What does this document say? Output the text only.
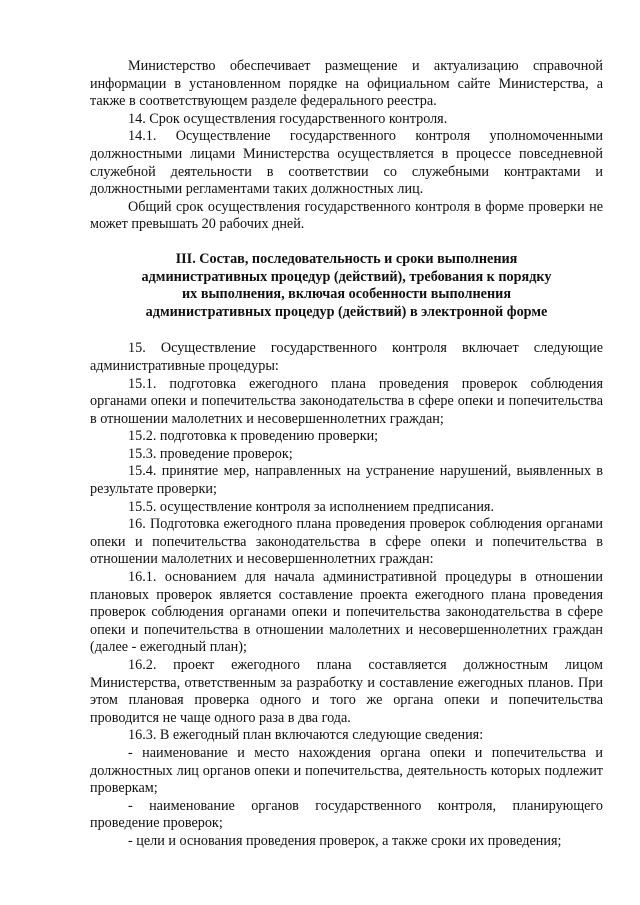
Министерство обеспечивает размещение и актуализацию справочной информации в установленном порядке на официальном сайте Министерства, а также в соответствующем разделе федерального реестра.

14. Срок осуществления государственного контроля.

14.1. Осуществление государственного контроля уполномоченными должностными лицами Министерства осуществляется в процессе повседневной служебной деятельности в соответствии со служебными контрактами и должностными регламентами таких должностных лиц.

Общий срок осуществления государственного контроля в форме проверки не может превышать 20 рабочих дней.

III. Состав, последовательность и сроки выполнения
административных процедур (действий), требования к порядку
их выполнения, включая особенности выполнения
административных процедур (действий) в электронной форме

15. Осуществление государственного контроля включает следующие административные процедуры:

15.1. подготовка ежегодного плана проведения проверок соблюдения органами опеки и попечительства законодательства в сфере опеки и попечительства в отношении малолетних и несовершеннолетних граждан;

15.2. подготовка к проведению проверки;

15.3. проведение проверок;

15.4. принятие мер, направленных на устранение нарушений, выявленных в результате проверки;

15.5. осуществление контроля за исполнением предписания.

16. Подготовка ежегодного плана проведения проверок соблюдения органами опеки и попечительства законодательства в сфере опеки и попечительства в отношении малолетних и несовершеннолетних граждан:

16.1. основанием для начала административной процедуры в отношении плановых проверок является составление проекта ежегодного плана проведения проверок соблюдения органами опеки и попечительства законодательства в сфере опеки и попечительства в отношении малолетних и несовершеннолетних граждан (далее - ежегодный план);

16.2. проект ежегодного плана составляется должностным лицом Министерства, ответственным за разработку и составление ежегодных планов. При этом плановая проверка одного и того же органа опеки и попечительства проводится не чаще одного раза в два года.

16.3. В ежегодный план включаются следующие сведения:

- наименование и место нахождения органа опеки и попечительства и должностных лиц органов опеки и попечительства, деятельность которых подлежит проверкам;

- наименование органов государственного контроля, планирующего проведение проверок;

- цели и основания проведения проверок, а также сроки их проведения;
